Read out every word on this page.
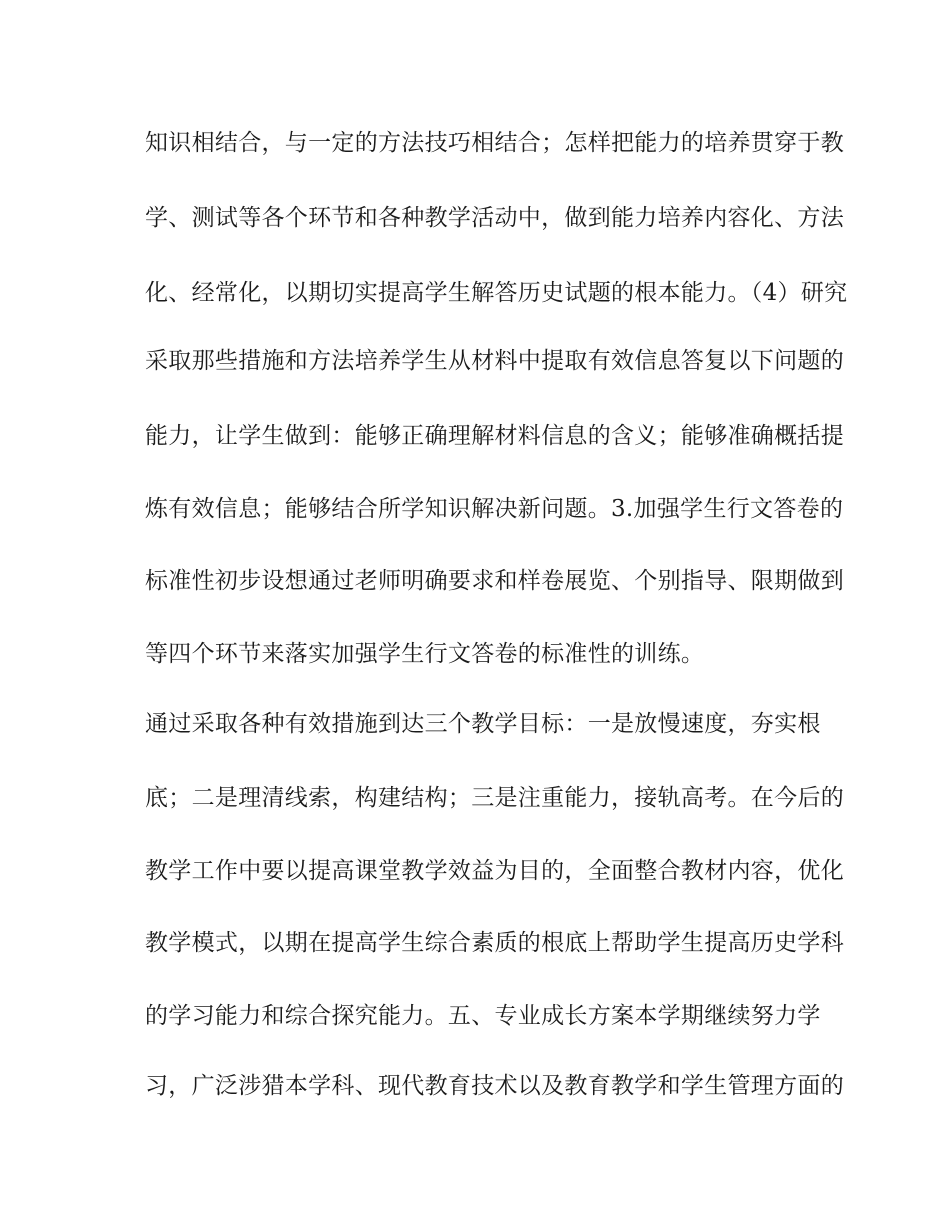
知识相结合，与一定的方法技巧相结合；怎样把能力的培养贯穿于教

学、测试等各个环节和各种教学活动中，做到能力培养内容化、方法

化、经常化，以期切实提高学生解答历史试题的根本能力。（4）研究

采取那些措施和方法培养学生从材料中提取有效信息答复以下问题的

能力，让学生做到：能够正确理解材料信息的含义；能够准确概括提

炼有效信息；能够结合所学知识解决新问题。3.加强学生行文答卷的

标准性初步设想通过老师明确要求和样卷展览、个别指导、限期做到

等四个环节来落实加强学生行文答卷的标准性的训练。

通过采取各种有效措施到达三个教学目标：一是放慢速度，夯实根

底；二是理清线索，构建结构；三是注重能力，接轨高考。在今后的

教学工作中要以提高课堂教学效益为目的，全面整合教材内容，优化

教学模式，以期在提高学生综合素质的根底上帮助学生提高历史学科

的学习能力和综合探究能力。五、专业成长方案本学期继续努力学

习，广泛涉猎本学科、现代教育技术以及教育教学和学生管理方面的
